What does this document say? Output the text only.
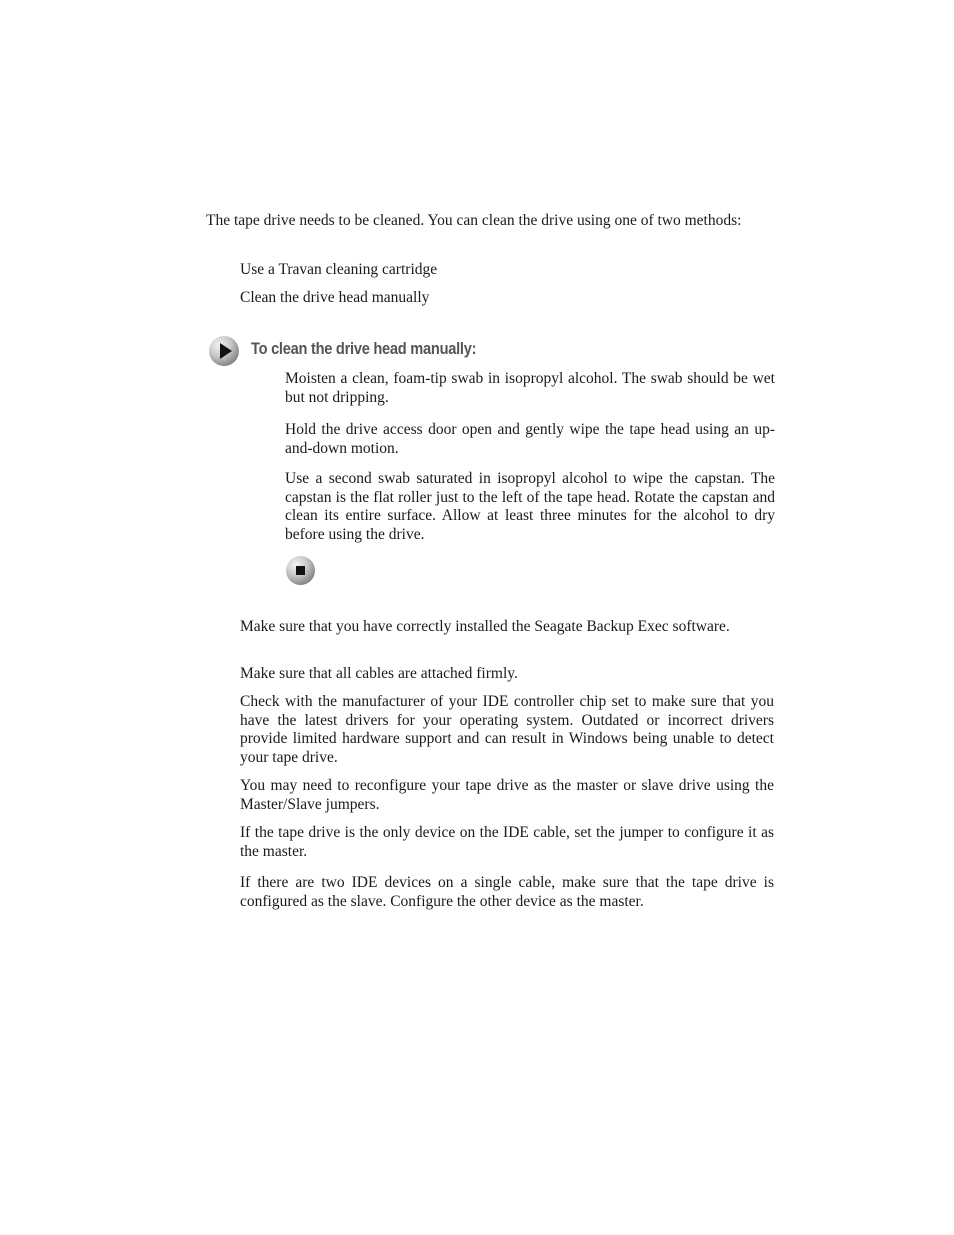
The tape drive needs to be cleaned. You can clean the drive using one of two methods:

Use a Travan cleaning cartridge

Clean the drive head manually

To clean the drive head manually:

Moisten a clean, foam-tip swab in isopropyl alcohol. The swab should be wet but not dripping.

Hold the drive access door open and gently wipe the tape head using an up-and-down motion.

Use a second swab saturated in isopropyl alcohol to wipe the capstan. The capstan is the flat roller just to the left of the tape head. Rotate the capstan and clean its entire surface. Allow at least three minutes for the alcohol to dry before using the drive.

Make sure that you have correctly installed the Seagate Backup Exec software.

Make sure that all cables are attached firmly.

Check with the manufacturer of your IDE controller chip set to make sure that you have the latest drivers for your operating system. Outdated or incorrect drivers provide limited hardware support and can result in Windows being unable to detect your tape drive.

You may need to reconfigure your tape drive as the master or slave drive using the Master/Slave jumpers.

If the tape drive is the only device on the IDE cable, set the jumper to configure it as the master.

If there are two IDE devices on a single cable, make sure that the tape drive is configured as the slave. Configure the other device as the master.
